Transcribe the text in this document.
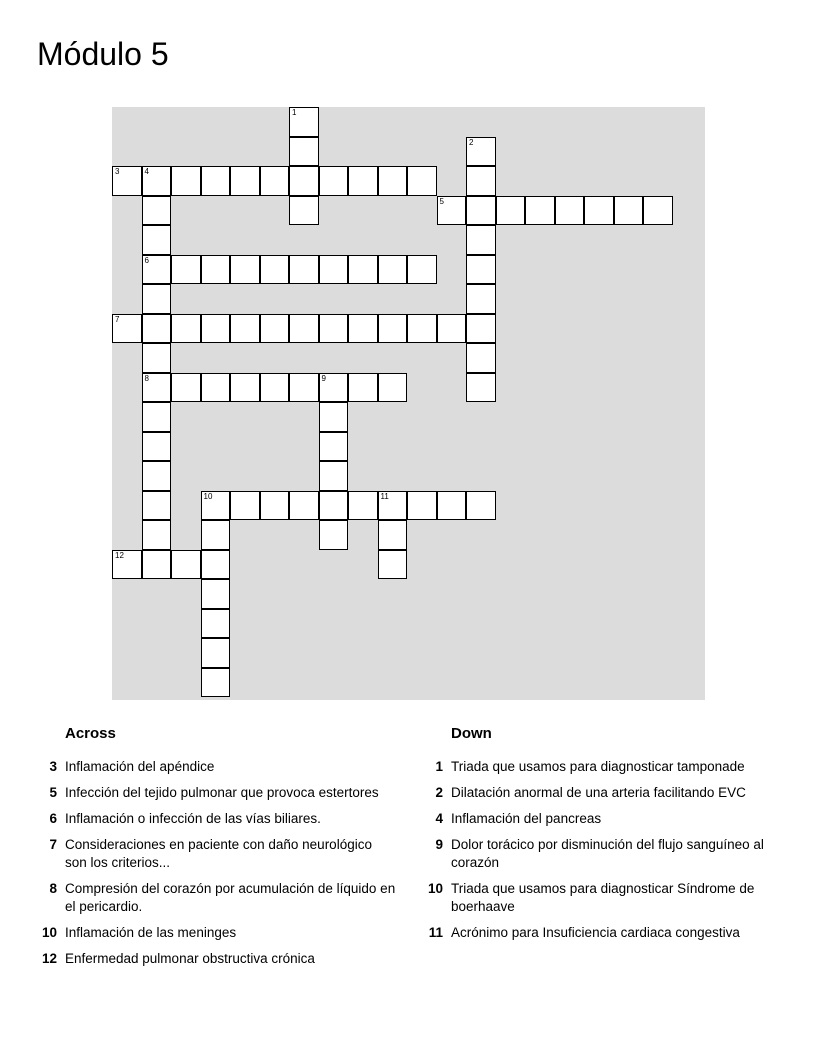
Módulo 5
1
2
3	4
6
8
5
7
9
10	11
12
Across
3 Inflamación del apéndice
5 Infección del tejido pulmonar que provoca estertores
6 Inflamación o infección de las vías biliares.
7 Consideraciones en paciente con daño neurológico son los criterios...
8 Compresión del corazón por acumulación de líquido en el pericardio.
10 Inflamación de las meninges
12 Enfermedad pulmonar obstructiva crónica
Down
1 Triada que usamos para diagnosticar tamponade
2 Dilatación anormal de una arteria facilitando EVC
4 Inflamación del pancreas
9 Dolor torácico por disminución del flujo sanguíneo al corazón
10 Triada que usamos para diagnosticar Síndrome de boerhaave
11 Acrónimo para Insuficiencia cardiaca congestiva
